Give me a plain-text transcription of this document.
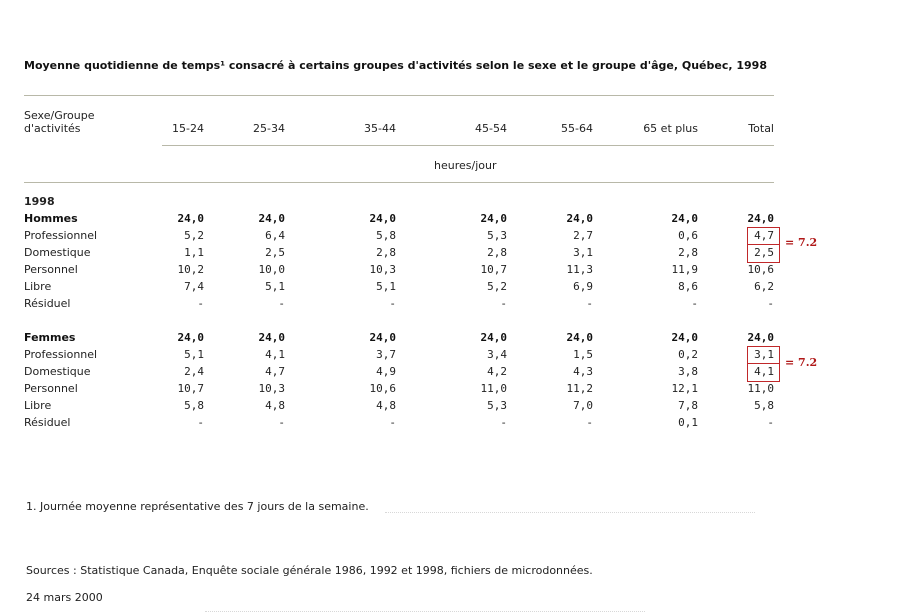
Moyenne quotidienne de temps¹ consacré à certains groupes d'activités selon le sexe et le groupe d'âge, Québec, 1998
Sexe/Groupe
d'activités	15-24	25-34	35-44	45-54	55-64	65 et plus	Total
heures/jour
1998
Hommes	24,0	24,0	24,0	24,0	24,0	24,0	24,0
Professionnel	5,2	6,4	5,8	5,3	2,7	0,6	4,7
Domestique	1,1	2,5	2,8	2,8	3,1	2,8	2,5
Personnel	10,2	10,0	10,3	10,7	11,3	11,9	10,6
Libre	7,4	5,1	5,1	5,2	6,9	8,6	6,2
Résiduel	-	-	-	-	-	-	-
Femmes	24,0	24,0	24,0	24,0	24,0	24,0	24,0
Professionnel	5,1	4,1	3,7	3,4	1,5	0,2	3,1
Domestique	2,4	4,7	4,9	4,2	4,3	3,8	4,1
Personnel	10,7	10,3	10,6	11,0	11,2	12,1	11,0
Libre	5,8	4,8	4,8	5,3	7,0	7,8	5,8
Résiduel	-	-	-	-	-	0,1	-
= 7.2
= 7.2
1. Journée moyenne représentative des 7 jours de la semaine.
Sources : Statistique Canada, Enquête sociale générale 1986, 1992 et 1998, fichiers de microdonnées.
24 mars 2000
